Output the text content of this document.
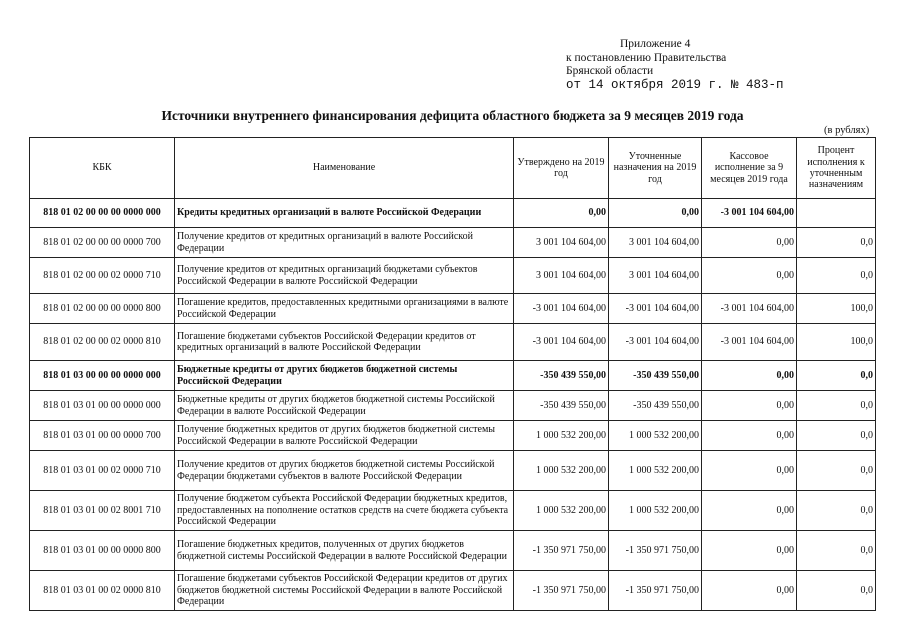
Приложение 4
к постановлению Правительства
Брянской области
от 14 октября 2019 г. № 483-п
Источники внутреннего финансирования дефицита областного бюджета за 9 месяцев 2019 года
(в рублях)
КБК	Наименование	Утверждено на 2019 год	Уточненные назначения на 2019 год	Кассовое исполнение за 9 месяцев 2019 года	Процент исполнения к уточненным назначениям
818 01 02 00 00 00 0000 000	Кредиты кредитных организаций в валюте Российской Федерации	0,00	0,00	-3 001 104 604,00	
818 01 02 00 00 00 0000 700	Получение кредитов от кредитных организаций в валюте Российской Федерации	3 001 104 604,00	3 001 104 604,00	0,00	0,0
818 01 02 00 00 02 0000 710	Получение кредитов от кредитных организаций бюджетами субъектов Российской Федерации в валюте Российской Федерации	3 001 104 604,00	3 001 104 604,00	0,00	0,0
818 01 02 00 00 00 0000 800	Погашение кредитов, предоставленных кредитными организациями в валюте Российской Федерации	-3 001 104 604,00	-3 001 104 604,00	-3 001 104 604,00	100,0
818 01 02 00 00 02 0000 810	Погашение бюджетами субъектов Российской Федерации кредитов от кредитных организаций в валюте Российской Федерации	-3 001 104 604,00	-3 001 104 604,00	-3 001 104 604,00	100,0
818 01 03 00 00 00 0000 000	Бюджетные кредиты от других бюджетов бюджетной системы Российской Федерации	-350 439 550,00	-350 439 550,00	0,00	0,0
818 01 03 01 00 00 0000 000	Бюджетные кредиты от других бюджетов бюджетной системы Российской Федерации в валюте Российской Федерации	-350 439 550,00	-350 439 550,00	0,00	0,0
818 01 03 01 00 00 0000 700	Получение бюджетных кредитов от других бюджетов бюджетной системы Российской Федерации в валюте Российской Федерации	1 000 532 200,00	1 000 532 200,00	0,00	0,0
818 01 03 01 00 02 0000 710	Получение кредитов от других бюджетов бюджетной системы Российской Федерации бюджетами субъектов в валюте Российской Федерации	1 000 532 200,00	1 000 532 200,00	0,00	0,0
818 01 03 01 00 02 8001 710	Получение бюджетом субъекта Российской Федерации бюджетных кредитов, предоставленных на пополнение остатков средств на счете бюджета субъекта Российской Федерации	1 000 532 200,00	1 000 532 200,00	0,00	0,0
818 01 03 01 00 00 0000 800	Погашение бюджетных кредитов, полученных от других бюджетов бюджетной системы Российской Федерации в валюте Российской Федерации	-1 350 971 750,00	-1 350 971 750,00	0,00	0,0
818 01 03 01 00 02 0000 810	Погашение бюджетами субъектов Российской Федерации кредитов от других бюджетов бюджетной системы Российской Федерации в валюте Российской Федерации	-1 350 971 750,00	-1 350 971 750,00	0,00	0,0
